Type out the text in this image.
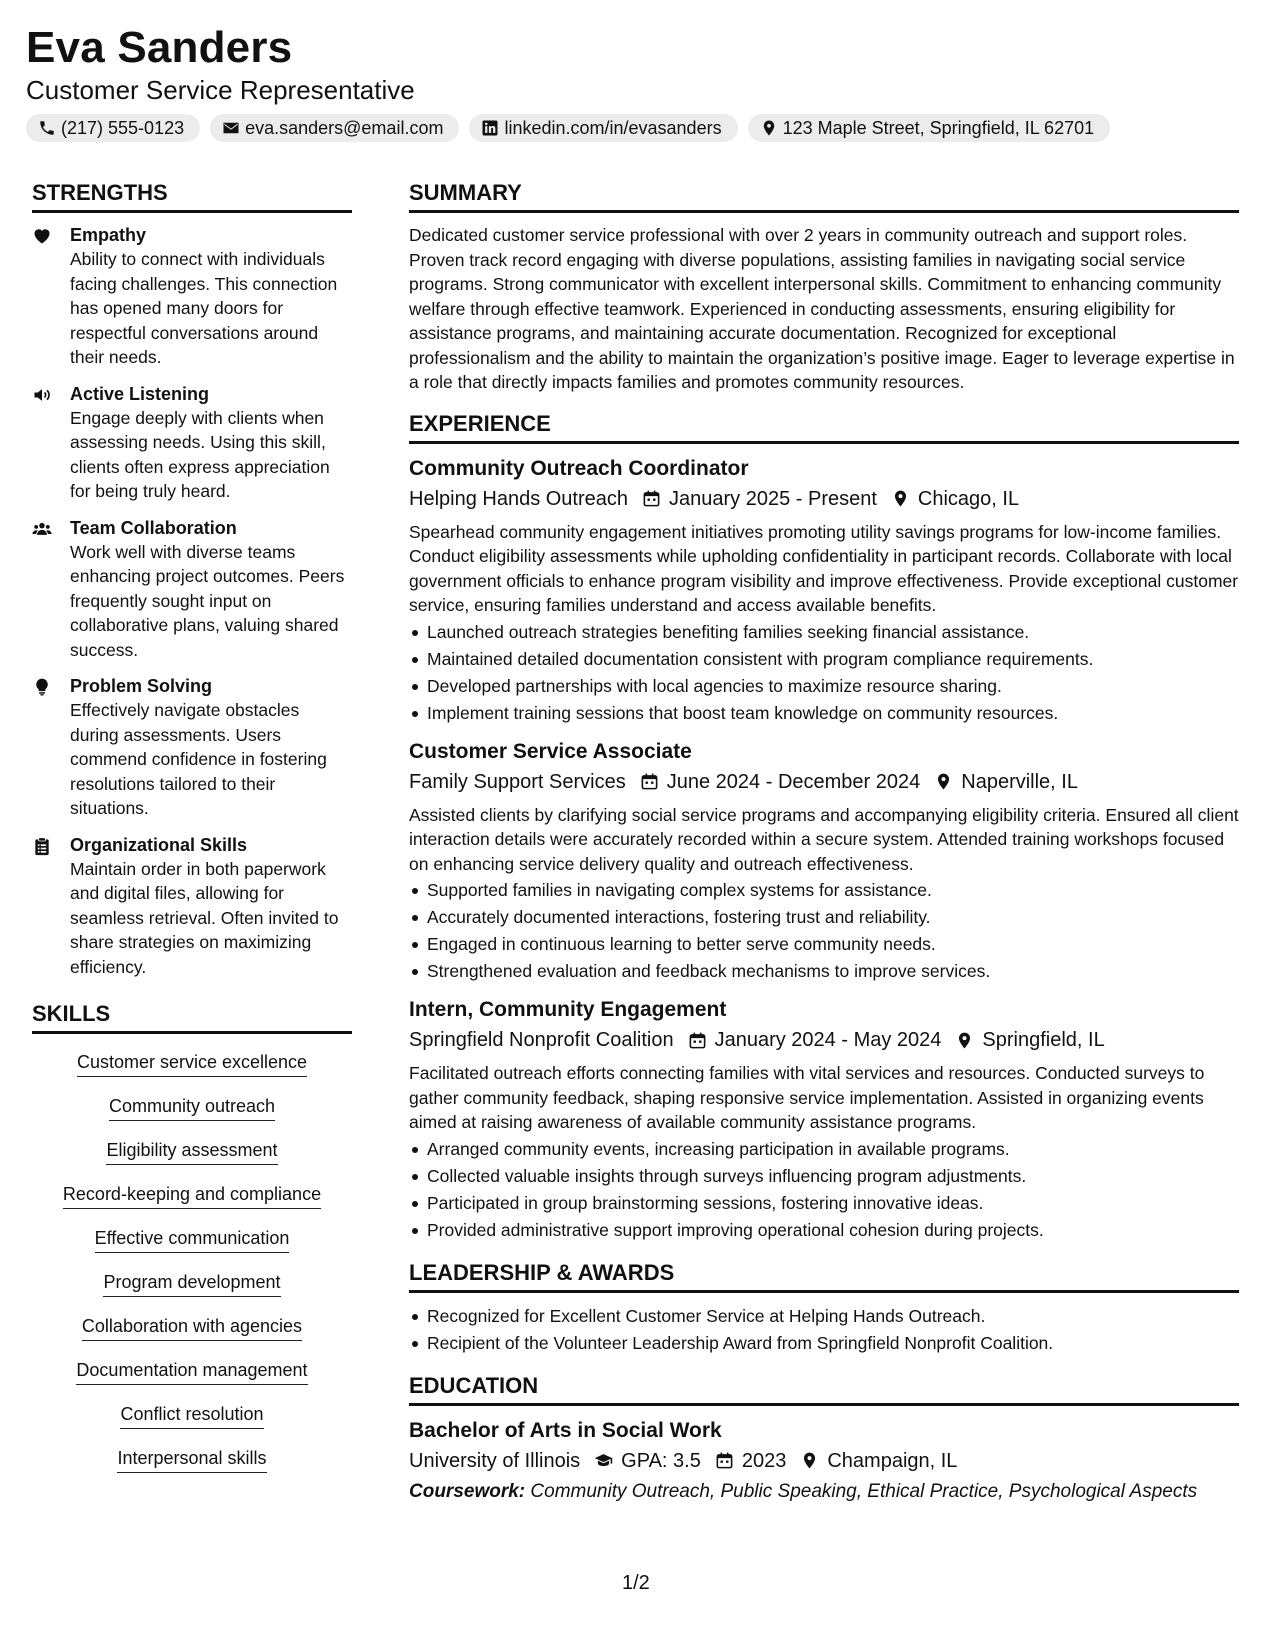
Eva Sanders
Customer Service Representative
(217) 555-0123	eva.sanders@email.com	linkedin.com/in/evasanders	123 Maple Street, Springfield, IL 62701
STRENGTHS
Empathy
Ability to connect with individuals facing challenges. This connection has opened many doors for respectful conversations around their needs.
Active Listening
Engage deeply with clients when assessing needs. Using this skill, clients often express appreciation for being truly heard.
Team Collaboration
Work well with diverse teams enhancing project outcomes. Peers frequently sought input on collaborative plans, valuing shared success.
Problem Solving
Effectively navigate obstacles during assessments. Users commend confidence in fostering resolutions tailored to their situations.
Organizational Skills
Maintain order in both paperwork and digital files, allowing for seamless retrieval. Often invited to share strategies on maximizing efficiency.
SKILLS
Customer service excellence
Community outreach
Eligibility assessment
Record-keeping and compliance
Effective communication
Program development
Collaboration with agencies
Documentation management
Conflict resolution
Interpersonal skills
SUMMARY
Dedicated customer service professional with over 2 years in community outreach and support roles. Proven track record engaging with diverse populations, assisting families in navigating social service programs. Strong communicator with excellent interpersonal skills. Commitment to enhancing community welfare through effective teamwork. Experienced in conducting assessments, ensuring eligibility for assistance programs, and maintaining accurate documentation. Recognized for exceptional professionalism and the ability to maintain the organization’s positive image. Eager to leverage expertise in a role that directly impacts families and promotes community resources.
EXPERIENCE
Community Outreach Coordinator
Helping Hands Outreach January 2025 - Present Chicago, IL
Spearhead community engagement initiatives promoting utility savings programs for low-income families. Conduct eligibility assessments while upholding confidentiality in participant records. Collaborate with local government officials to enhance program visibility and improve effectiveness. Provide exceptional customer service, ensuring families understand and access available benefits.
Launched outreach strategies benefiting families seeking financial assistance.
Maintained detailed documentation consistent with program compliance requirements.
Developed partnerships with local agencies to maximize resource sharing.
Implement training sessions that boost team knowledge on community resources.
Customer Service Associate
Family Support Services June 2024 - December 2024 Naperville, IL
Assisted clients by clarifying social service programs and accompanying eligibility criteria. Ensured all client interaction details were accurately recorded within a secure system. Attended training workshops focused on enhancing service delivery quality and outreach effectiveness.
Supported families in navigating complex systems for assistance.
Accurately documented interactions, fostering trust and reliability.
Engaged in continuous learning to better serve community needs.
Strengthened evaluation and feedback mechanisms to improve services.
Intern, Community Engagement
Springfield Nonprofit Coalition January 2024 - May 2024 Springfield, IL
Facilitated outreach efforts connecting families with vital services and resources. Conducted surveys to gather community feedback, shaping responsive service implementation. Assisted in organizing events aimed at raising awareness of available community assistance programs.
Arranged community events, increasing participation in available programs.
Collected valuable insights through surveys influencing program adjustments.
Participated in group brainstorming sessions, fostering innovative ideas.
Provided administrative support improving operational cohesion during projects.
LEADERSHIP & AWARDS
Recognized for Excellent Customer Service at Helping Hands Outreach.
Recipient of the Volunteer Leadership Award from Springfield Nonprofit Coalition.
EDUCATION
Bachelor of Arts in Social Work
University of Illinois GPA: 3.5 2023 Champaign, IL
Coursework: Community Outreach, Public Speaking, Ethical Practice, Psychological Aspects
1/2
